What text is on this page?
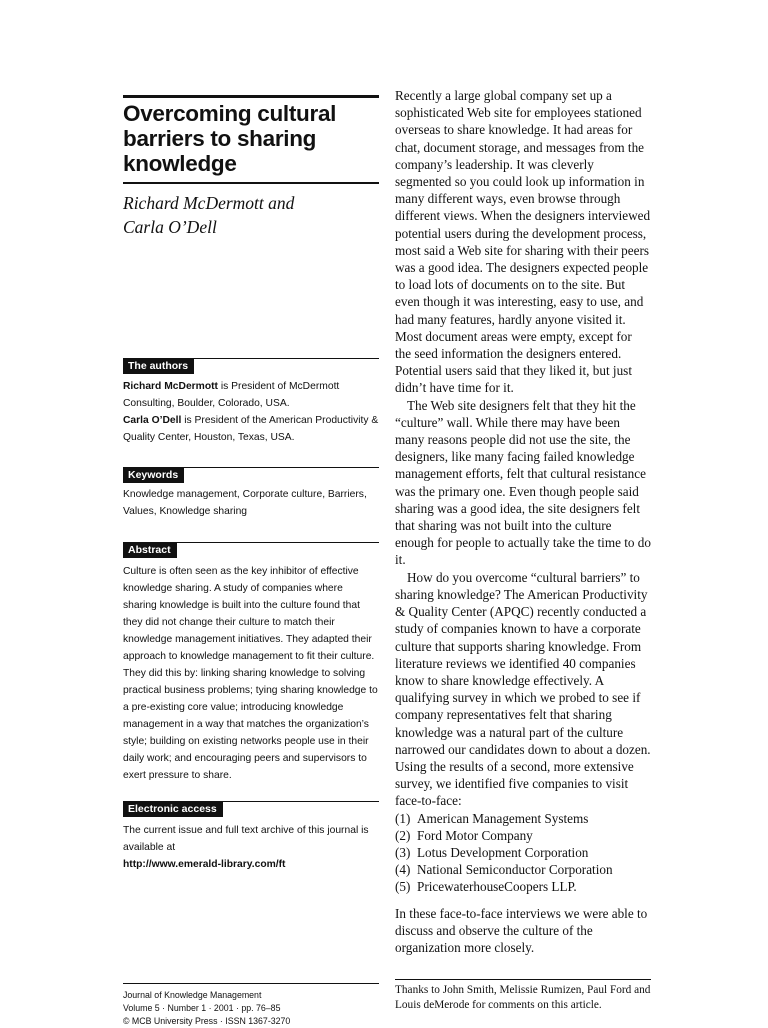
Overcoming cultural barriers to sharing knowledge
Richard McDermott and
Carla O’Dell
The authors

Richard McDermott is President of McDermott Consulting, Boulder, Colorado, USA.

Carla O’Dell is President of the American Productivity & Quality Center, Houston, Texas, USA.

Keywords

Knowledge management, Corporate culture, Barriers, Values, Knowledge sharing

Abstract

Culture is often seen as the key inhibitor of effective knowledge sharing. A study of companies where sharing knowledge is built into the culture found that they did not change their culture to match their knowledge management initiatives. They adapted their approach to knowledge management to fit their culture. They did this by: linking sharing knowledge to solving practical business problems; tying sharing knowledge to a pre-existing core value; introducing knowledge management in a way that matches the organization’s style; building on existing networks people use in their daily work; and encouraging peers and supervisors to exert pressure to share.

Electronic access

The current issue and full text archive of this journal is available at

http://www.emerald-library.com/ft

Recently a large global company set up a sophisticated Web site for employees stationed overseas to share knowledge. It had areas for chat, document storage, and messages from the company’s leadership. It was cleverly segmented so you could look up information in many different ways, even browse through different views. When the designers interviewed potential users during the development process, most said a Web site for sharing with their peers was a good idea. The designers expected people to load lots of documents on to the site. But even though it was interesting, easy to use, and had many features, hardly anyone visited it. Most document areas were empty, except for the seed information the designers entered. Potential users said that they liked it, but just didn’t have time for it.

The Web site designers felt that they hit the “culture” wall. While there may have been many reasons people did not use the site, the designers, like many facing failed knowledge management efforts, felt that cultural resistance was the primary one. Even though people said sharing was a good idea, the site designers felt that sharing was not built into the culture enough for people to actually take the time to do it.

How do you overcome “cultural barriers” to sharing knowledge? The American Productivity & Quality Center (APQC) recently conducted a study of companies known to have a corporate culture that supports sharing knowledge. From literature reviews we identified 40 companies know to share knowledge effectively. A qualifying survey in which we probed to see if company representatives felt that sharing knowledge was a natural part of the culture narrowed our candidates down to about a dozen. Using the results of a second, more extensive survey, we identified five companies to visit face-to-face:

(1) American Management Systems
(2) Ford Motor Company
(3) Lotus Development Corporation
(4) National Semiconductor Corporation
(5) PricewaterhouseCoopers LLP.

In these face-to-face interviews we were able to discuss and observe the culture of the organization more closely.

Journal of Knowledge Management
Volume 5 · Number 1 · 2001 · pp. 76–85
© MCB University Press · ISSN 1367-3270

Thanks to John Smith, Melissie Rumizen, Paul Ford and Louis deMerode for comments on this article.
